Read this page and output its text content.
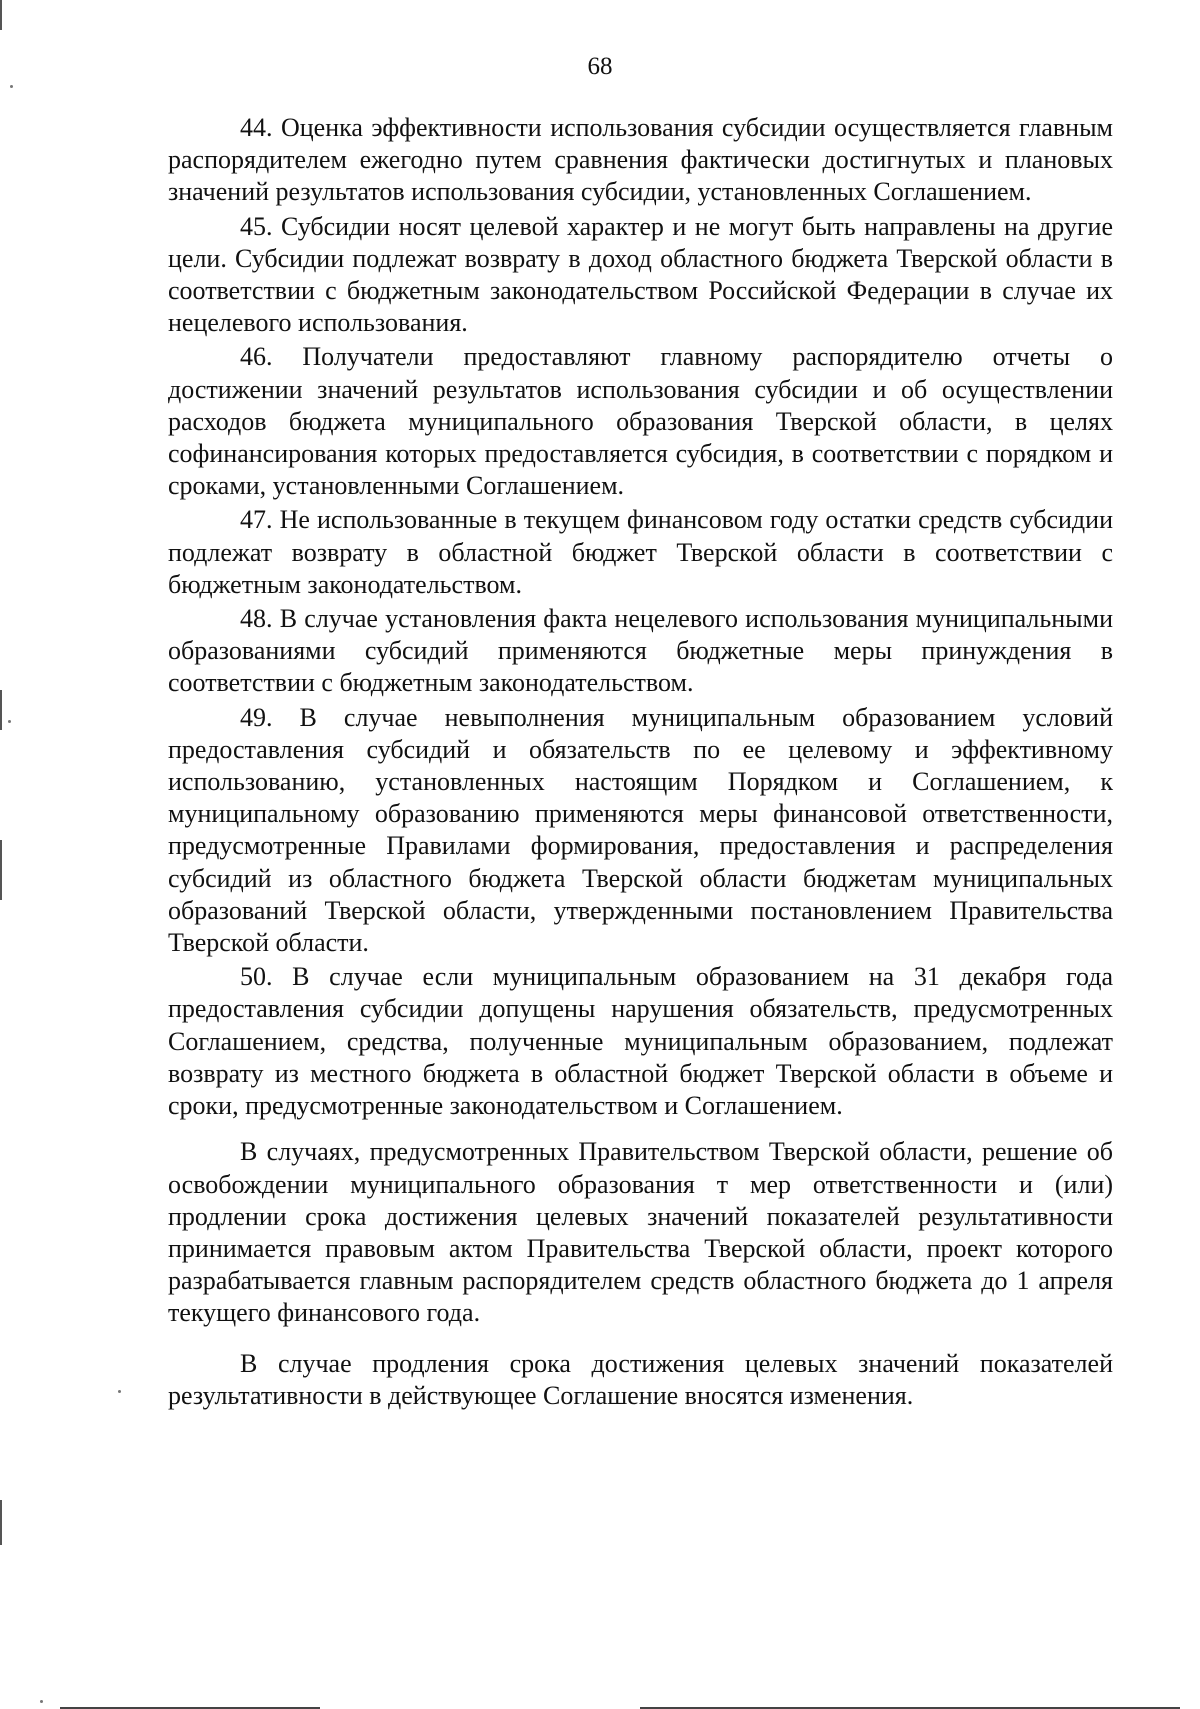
68

44. Оценка эффективности использования субсидии осуществляется главным распорядителем ежегодно путем сравнения фактически достигнутых и плановых значений результатов использования субсидии, установленных Соглашением.

45. Субсидии носят целевой характер и не могут быть направлены на другие цели. Субсидии подлежат возврату в доход областного бюджета Тверской области в соответствии с бюджетным законодательством Российской Федерации в случае их нецелевого использования.

46. Получатели предоставляют главному распорядителю отчеты о достижении значений результатов использования субсидии и об осуществлении расходов бюджета муниципального образования Тверской области, в целях софинансирования которых предоставляется субсидия, в соответствии с порядком и сроками, установленными Соглашением.

47. Не использованные в текущем финансовом году остатки средств субсидии подлежат возврату в областной бюджет Тверской области в соответствии с бюджетным законодательством.

48. В случае установления факта нецелевого использования муниципальными образованиями субсидий применяются бюджетные меры принуждения в соответствии с бюджетным законодательством.

49. В случае невыполнения муниципальным образованием условий предоставления субсидий и обязательств по ее целевому и эффективному использованию, установленных настоящим Порядком и Соглашением, к муниципальному образованию применяются меры финансовой ответственности, предусмотренные Правилами формирования, предоставления и распределения субсидий из областного бюджета Тверской области бюджетам муниципальных образований Тверской области, утвержденными постановлением Правительства Тверской области.

50. В случае если муниципальным образованием на 31 декабря года предоставления субсидии допущены нарушения обязательств, предусмотренных Соглашением, средства, полученные муниципальным образованием, подлежат возврату из местного бюджета в областной бюджет Тверской области в объеме и сроки, предусмотренные законодательством и Соглашением.

В случаях, предусмотренных Правительством Тверской области, решение об освобождении муниципального образования т мер ответственности и (или) продлении срока достижения целевых значений показателей результативности принимается правовым актом Правительства Тверской области, проект которого разрабатывается главным распорядителем средств областного бюджета до 1 апреля текущего финансового года.

В случае продления срока достижения целевых значений показателей результативности в действующее Соглашение вносятся изменения.
